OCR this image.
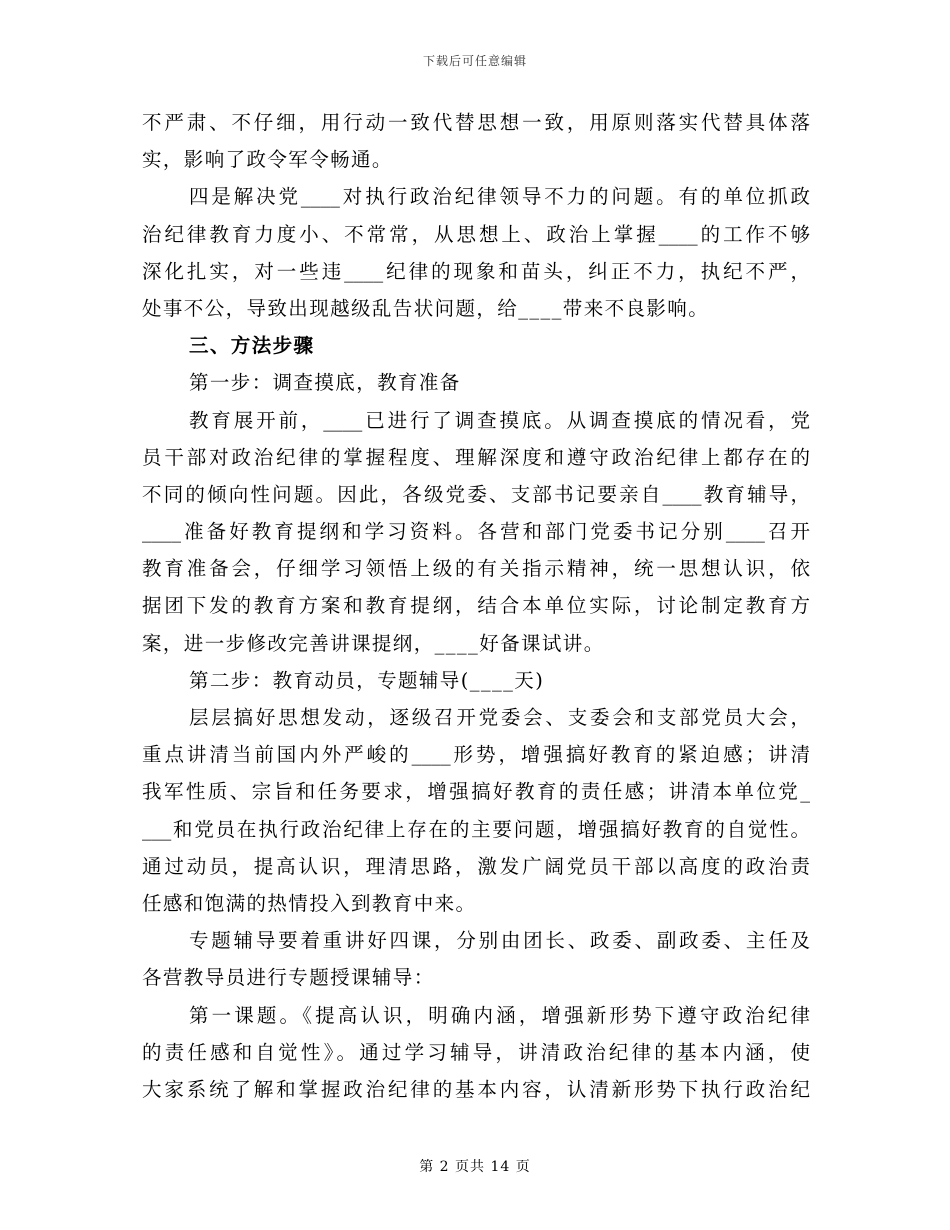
下载后可任意编辑
不严肃、不仔细，用行动一致代替思想一致，用原则落实代替具体落
实，影响了政令军令畅通。
四是解决党____对执行政治纪律领导不力的问题。有的单位抓政
治纪律教育力度小、不常常，从思想上、政治上掌握____的工作不够
深化扎实，对一些违____纪律的现象和苗头，纠正不力，执纪不严，
处事不公，导致出现越级乱告状问题，给____带来不良影响。
三、方法步骤
第一步：调查摸底，教育准备
教育展开前，____已进行了调查摸底。从调查摸底的情况看，党
员干部对政治纪律的掌握程度、理解深度和遵守政治纪律上都存在的
不同的倾向性问题。因此，各级党委、支部书记要亲自____教育辅导，
____准备好教育提纲和学习资料。各营和部门党委书记分别____召开
教育准备会，仔细学习领悟上级的有关指示精神，统一思想认识，依
据团下发的教育方案和教育提纲，结合本单位实际，讨论制定教育方
案，进一步修改完善讲课提纲，____好备课试讲。
第二步：教育动员，专题辅导(____天)
层层搞好思想发动，逐级召开党委会、支委会和支部党员大会，
重点讲清当前国内外严峻的____形势，增强搞好教育的紧迫感；讲清
我军性质、宗旨和任务要求，增强搞好教育的责任感；讲清本单位党_
___和党员在执行政治纪律上存在的主要问题，增强搞好教育的自觉性。
通过动员，提高认识，理清思路，激发广阔党员干部以高度的政治责
任感和饱满的热情投入到教育中来。
专题辅导要着重讲好四课，分别由团长、政委、副政委、主任及
各营教导员进行专题授课辅导：
第一课题。《提高认识，明确内涵，增强新形势下遵守政治纪律
的责任感和自觉性》。通过学习辅导，讲清政治纪律的基本内涵，使
大家系统了解和掌握政治纪律的基本内容，认清新形势下执行政治纪
第 2 页共 14 页
